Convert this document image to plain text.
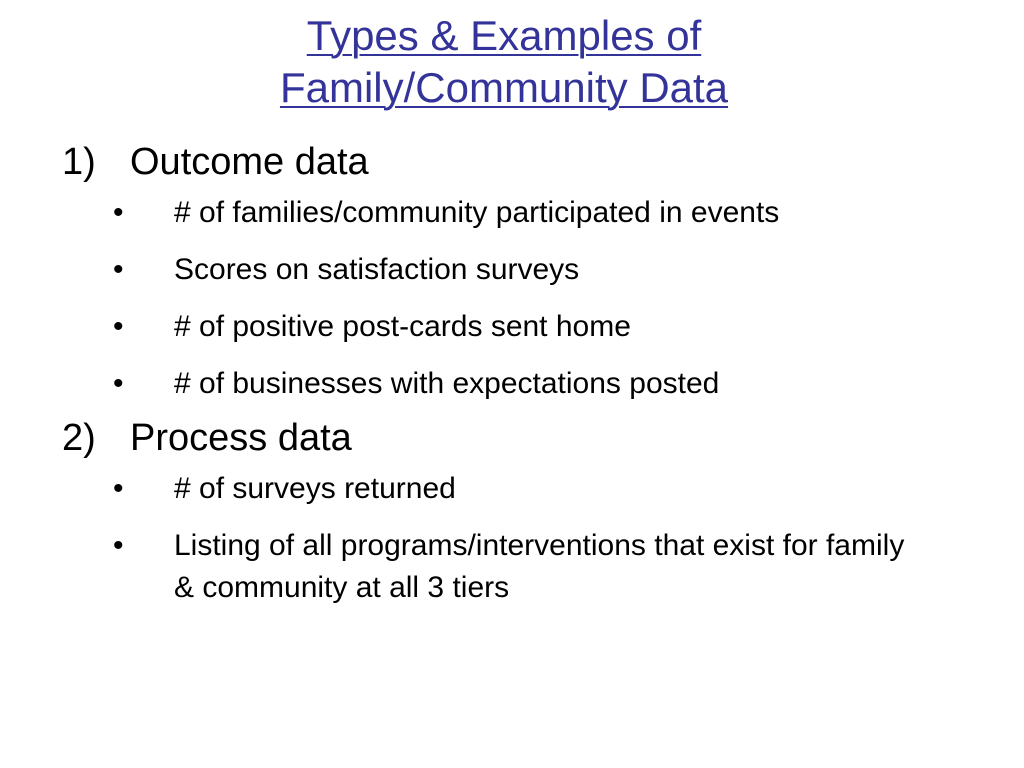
Types & Examples of
Family/Community Data
1) Outcome data
•	# of families/community participated in events
•	Scores on satisfaction surveys
•	# of positive post-cards sent home
•	# of businesses with expectations posted
2) Process data
•	# of surveys returned
•	Listing of all programs/interventions that exist for family & community at all 3 tiers
